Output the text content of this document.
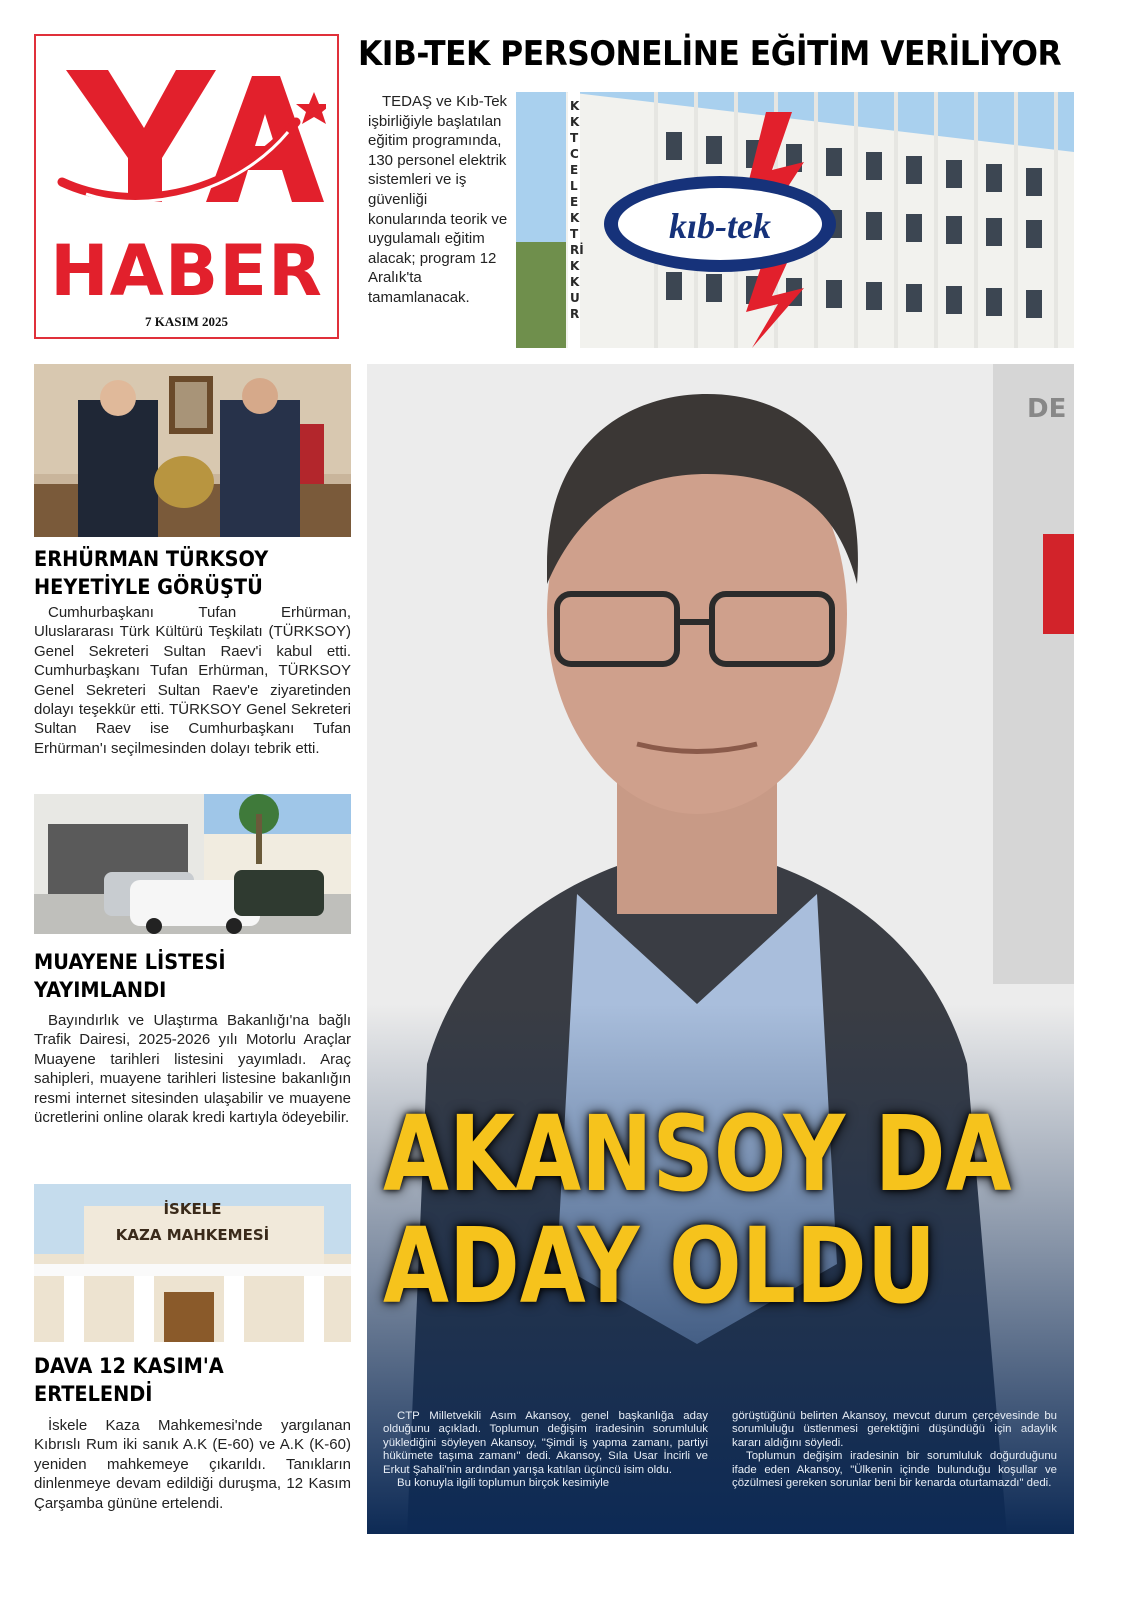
HABER
7 KASIM 2025
KIB-TEK PERSONELİNE EĞİTİM VERİLİYOR
TEDAŞ ve Kıb-Tek işbirliğiyle başlatılan eğitim programında, 130 personel elektrik sistemleri ve iş güvenliği konularında teorik ve uygulamalı eğitim alacak; program 12 Aralık'ta tamamlanacak.
kıb-tek
KKTC ELEKTRİK KUR
ERHÜRMAN TÜRKSOY HEYETİYLE GÖRÜŞTÜ
Cumhurbaşkanı Tufan Erhürman, Uluslararası Türk Kültürü Teşkilatı (TÜRKSOY) Genel Sekreteri Sultan Raev'i kabul etti. Cumhurbaşkanı Tufan Erhürman, TÜRKSOY Genel Sekreteri Sultan Raev'e ziyaretinden dolayı teşekkür etti. TÜRKSOY Genel Sekreteri Sultan Raev ise Cumhurbaşkanı Tufan Erhürman'ı seçilmesinden dolayı tebrik etti.
MUAYENE LİSTESİ YAYIMLANDI
Bayındırlık ve Ulaştırma Bakanlığı'na bağlı Trafik Dairesi, 2025-2026 yılı Motorlu Araçlar Muayene tarihleri listesini yayımladı. Araç sahipleri, muayene tarihleri listesine bakanlığın resmi internet sitesinden ulaşabilir ve muayene ücretlerini online olarak kredi kartıyla ödeyebilir.
İSKELE
KAZA MAHKEMESİ
DAVA 12 KASIM'A ERTELENDİ
İskele Kaza Mahkemesi'nde yargılanan Kıbrıslı Rum iki sanık A.K (E-60) ve A.K (K-60) yeniden mahkemeye çıkarıldı. Tanıkların dinlenmeye devam edildiği duruşma, 12 Kasım Çarşamba gününe ertelendi.
DE
AKANSOY DA
ADAY OLDU
CTP Milletvekili Asım Akansoy, genel başkanlığa aday olduğunu açıkladı. Toplumun değişim iradesinin sorumluluk yüklediğini söyleyen Akansoy, "Şimdi iş yapma zamanı, partiyi hükümete taşıma zamanı" dedi. Akansoy, Sıla Usar İncirli ve Erkut Şahali'nin ardından yarışa katılan üçüncü isim oldu.
Bu konuyla ilgili toplumun birçok kesimiyle
görüştüğünü belirten Akansoy, mevcut durum çerçevesinde bu sorumluluğu üstlenmesi gerektiğini düşündüğü için adaylık kararı aldığını söyledi.
Toplumun değişim iradesinin bir sorumluluk doğurduğunu ifade eden Akansoy, "Ülkenin içinde bulunduğu koşullar ve çözülmesi gereken sorunlar beni bir kenarda oturtamazdı" dedi.
